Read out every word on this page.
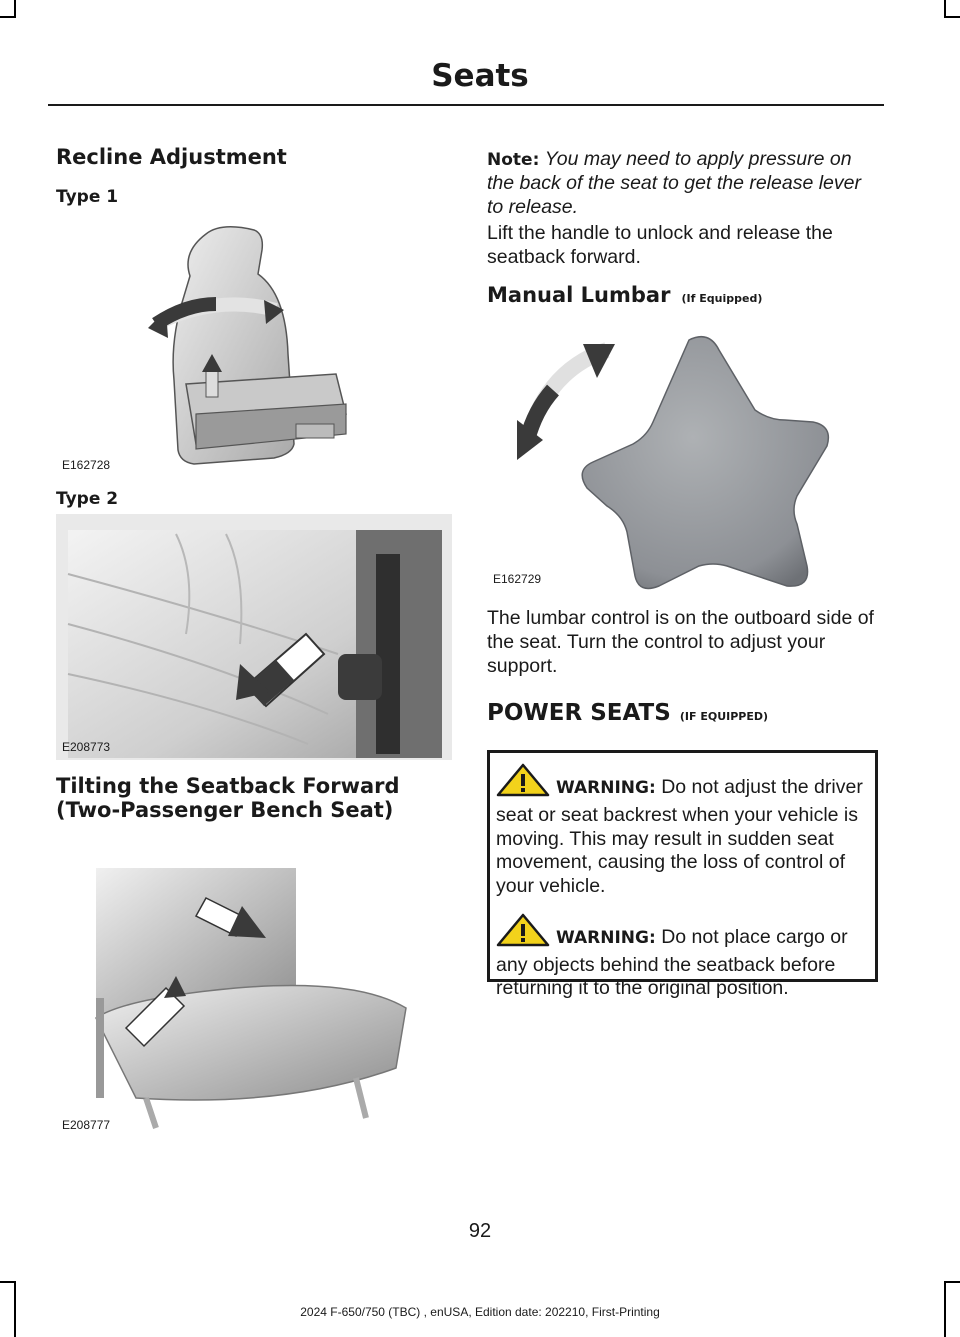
Seats
Recline Adjustment
Type 1
E162728
Type 2
E208773
Tilting the Seatback Forward
(Two-Passenger Bench Seat)
E208777

Note: You may need to apply pressure on the back of the seat to get the release lever to release.

Lift the handle to unlock and release the seatback forward.

Manual Lumbar (If Equipped)
E162729

The lumbar control is on the outboard side of the seat. Turn the control to adjust your support.

POWER SEATS (IF EQUIPPED)

WARNING: Do not adjust the driver seat or seat backrest when your vehicle is moving. This may result in sudden seat movement, causing the loss of control of your vehicle.

WARNING: Do not place cargo or any objects behind the seatback before returning it to the original position.

92
2024 F-650/750 (TBC) , enUSA, Edition date: 202210, First-Printing
